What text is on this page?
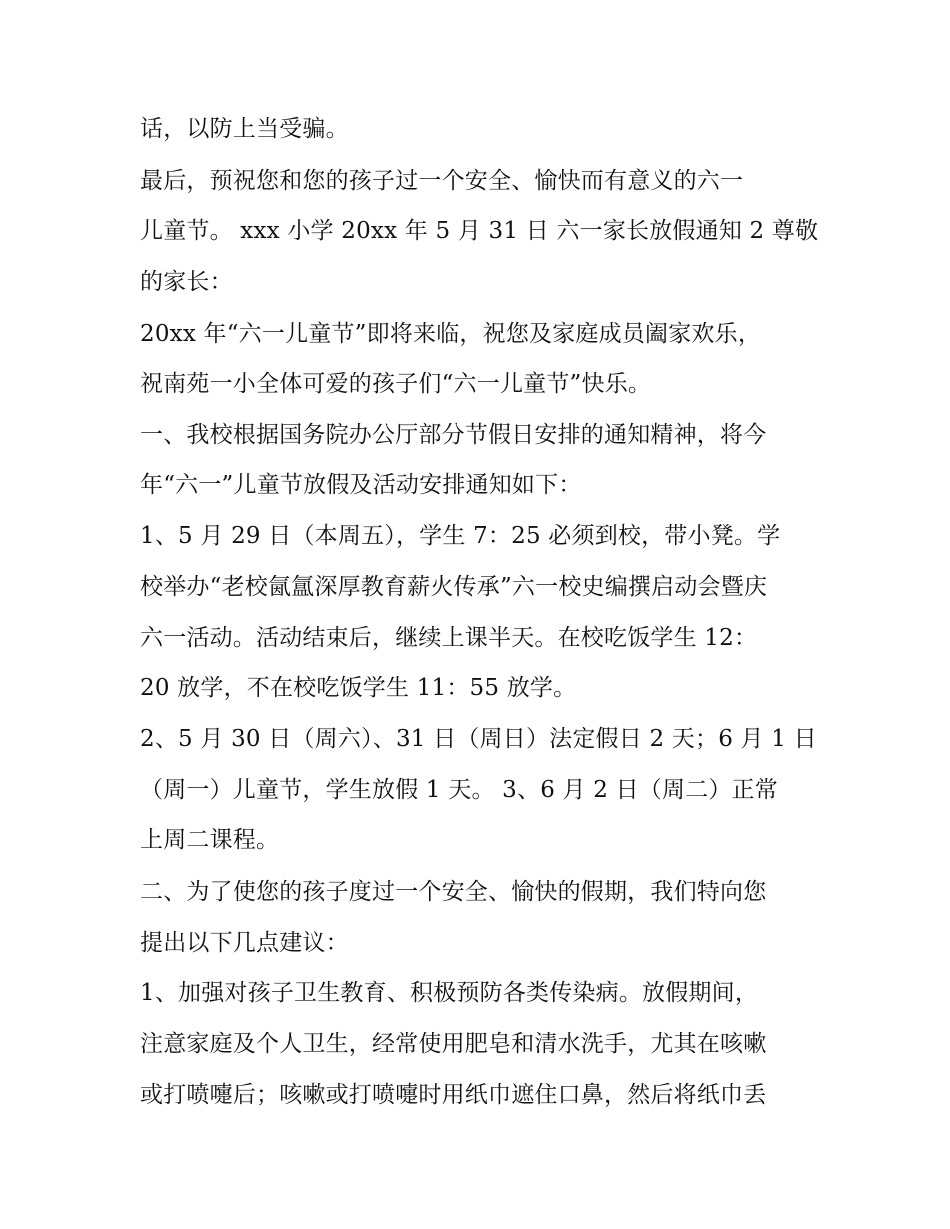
话，以防上当受骗。
最后，预祝您和您的孩子过一个安全、愉快而有意义的六一
儿童节。 xxx 小学 20xx 年 5 月 31 日 六一家长放假通知 2 尊敬
的家长：
20xx 年“六一儿童节”即将来临，祝您及家庭成员阖家欢乐，
祝南苑一小全体可爱的孩子们“六一儿童节”快乐。
一、我校根据国务院办公厅部分节假日安排的通知精神，将今
年“六一”儿童节放假及活动安排通知如下：
1、5 月 29 日（本周五），学生 7：25 必须到校，带小凳。学
校举办“老校氤氲深厚教育薪火传承”六一校史编撰启动会暨庆
六一活动。活动结束后，继续上课半天。在校吃饭学生 12：
20 放学，不在校吃饭学生 11：55 放学。
2、5 月 30 日（周六）、31 日（周日）法定假日 2 天；6 月 1 日
（周一）儿童节，学生放假 1 天。 3、6 月 2 日（周二）正常
上周二课程。
二、为了使您的孩子度过一个安全、愉快的假期，我们特向您
提出以下几点建议：
1、加强对孩子卫生教育、积极预防各类传染病。放假期间，
注意家庭及个人卫生，经常使用肥皂和清水洗手，尤其在咳嗽
或打喷嚏后；咳嗽或打喷嚏时用纸巾遮住口鼻，然后将纸巾丢
